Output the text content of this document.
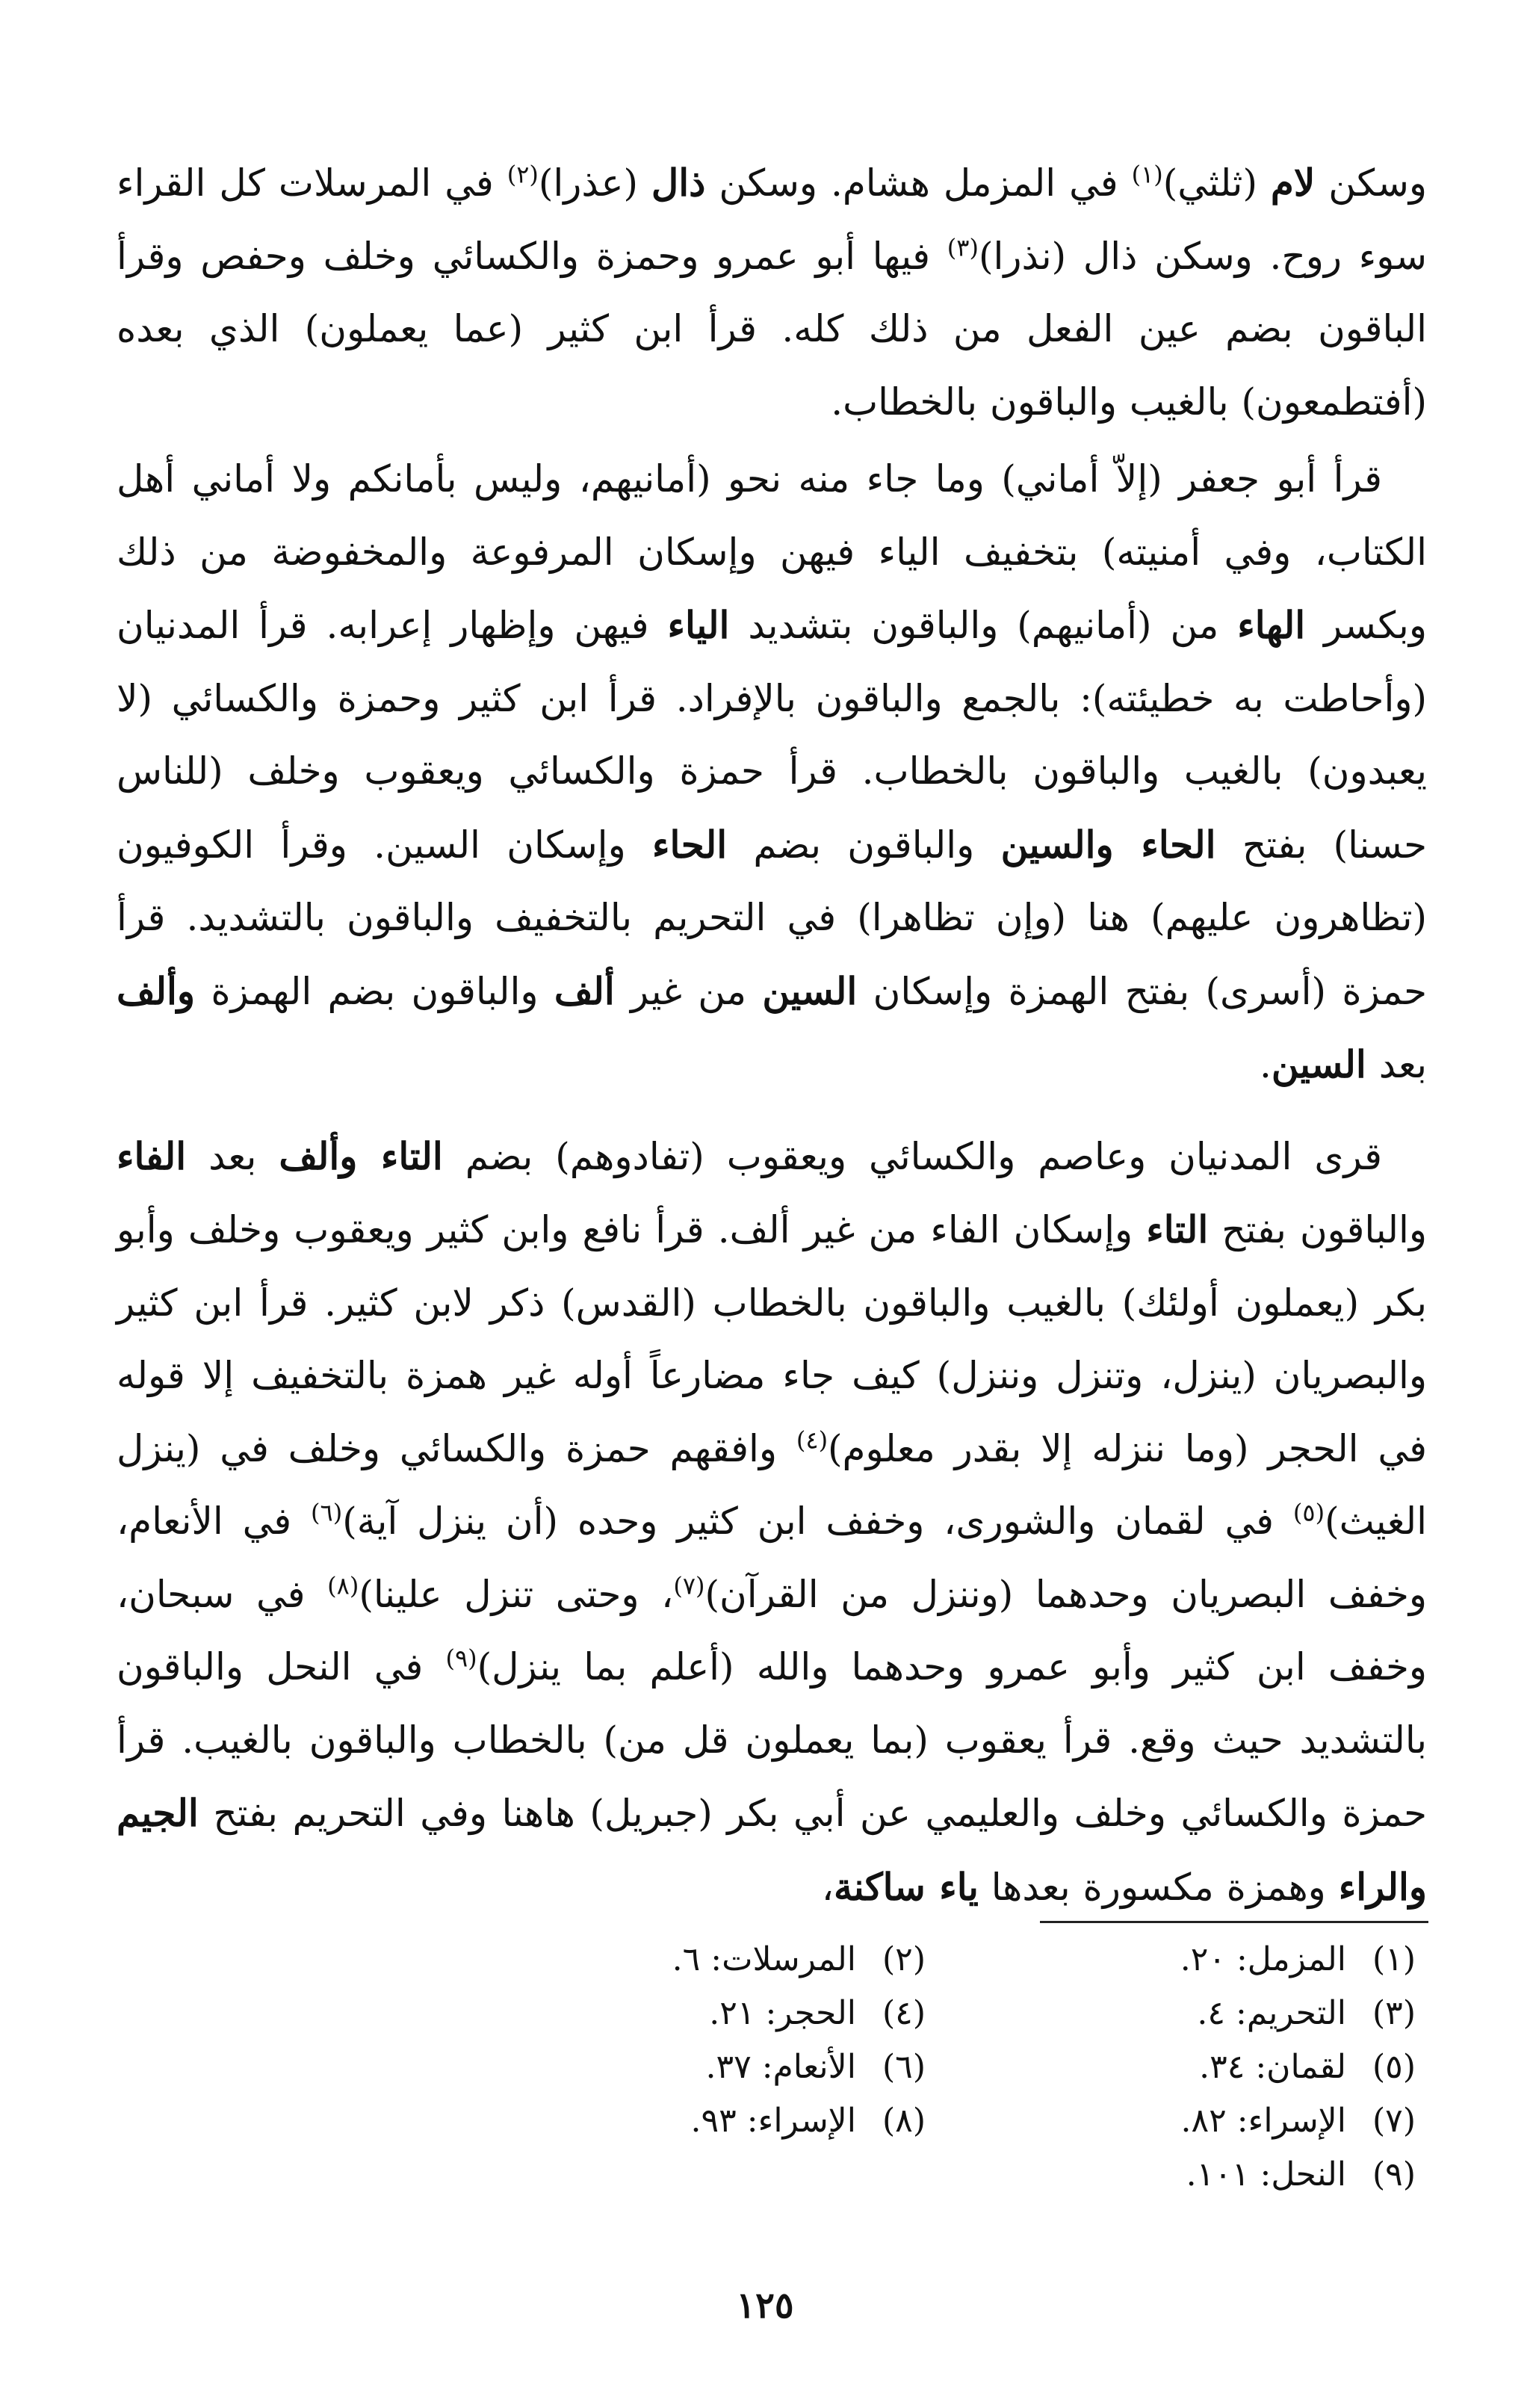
وسكن لام (ثلثي)$^{(١)}$ في المزمل هشام. وسكن ذال (عذرا)$^{(٢)}$ في المرسلات كل القراء سوء روح. وسكن ذال (نذرا)$^{(٣)}$ فيها أبو عمرو وحمزة والكسائي وخلف وحفص وقرأ الباقون بضم عين الفعل من ذلك كله. قرأ ابن كثير (عما يعملون) الذي بعده (أفتطمعون) بالغيب والباقون بالخطاب.

قرأ أبو جعفر (إلاّ أماني) وما جاء منه نحو (أمانيهم، وليس بأمانكم ولا أماني أهل الكتاب، وفي أمنيته) بتخفيف الياء فيهن وإسكان المرفوعة والمخفوضة من ذلك وبكسر الهاء من (أمانيهم) والباقون بتشديد الياء فيهن وإظهار إعرابه. قرأ المدنيان (وأحاطت به خطيئته): بالجمع والباقون بالإفراد. قرأ ابن كثير وحمزة والكسائي (لا يعبدون) بالغيب والباقون بالخطاب. قرأ حمزة والكسائي ويعقوب وخلف (للناس حسنا) بفتح الحاء والسين والباقون بضم الحاء وإسكان السين. وقرأ الكوفيون (تظاهرون عليهم) هنا (وإن تظاهرا) في التحريم بالتخفيف والباقون بالتشديد. قرأ حمزة (أسرى) بفتح الهمزة وإسكان السين من غير ألف والباقون بضم الهمزة وألف بعد السين.

قرى المدنيان وعاصم والكسائي ويعقوب (تفادوهم) بضم التاء وألف بعد الفاء والباقون بفتح التاء وإسكان الفاء من غير ألف. قرأ نافع وابن كثير ويعقوب وخلف وأبو بكر (يعملون أولئك) بالغيب والباقون بالخطاب (القدس) ذكر لابن كثير. قرأ ابن كثير والبصريان (ينزل، وتنزل وننزل) كيف جاء مضارعاً أوله غير همزة بالتخفيف إلا قوله في الحجر (وما ننزله إلا بقدر معلوم)$^{(٤)}$ وافقهم حمزة والكسائي وخلف في (ينزل الغيث)$^{(٥)}$ في لقمان والشورى، وخفف ابن كثير وحده (أن ينزل آية)$^{(٦)}$ في الأنعام، وخفف البصريان وحدهما (وننزل من القرآن)$^{(٧)}$، وحتى تنزل علينا)$^{(٨)}$ في سبحان، وخفف ابن كثير وأبو عمرو وحدهما والله (أعلم بما ينزل)$^{(٩)}$ في النحل والباقون بالتشديد حيث وقع. قرأ يعقوب (بما يعملون قل من) بالخطاب والباقون بالغيب. قرأ حمزة والكسائي وخلف والعليمي عن أبي بكر (جبريل) هاهنا وفي التحريم بفتح الجيم والراء وهمزة مكسورة بعدها ياء ساكنة،

(١)
المزمل: ٢٠.
(٢)
المرسلات: ٦.
(٣)
التحريم: ٤.
(٤)
الحجر: ٢١.
(٥)
لقمان: ٣٤.
(٦)
الأنعام: ٣٧.
(٧)
الإسراء: ٨٢.
(٨)
الإسراء: ٩٣.
(٩)
النحل: ١٠١.
١٢٥
